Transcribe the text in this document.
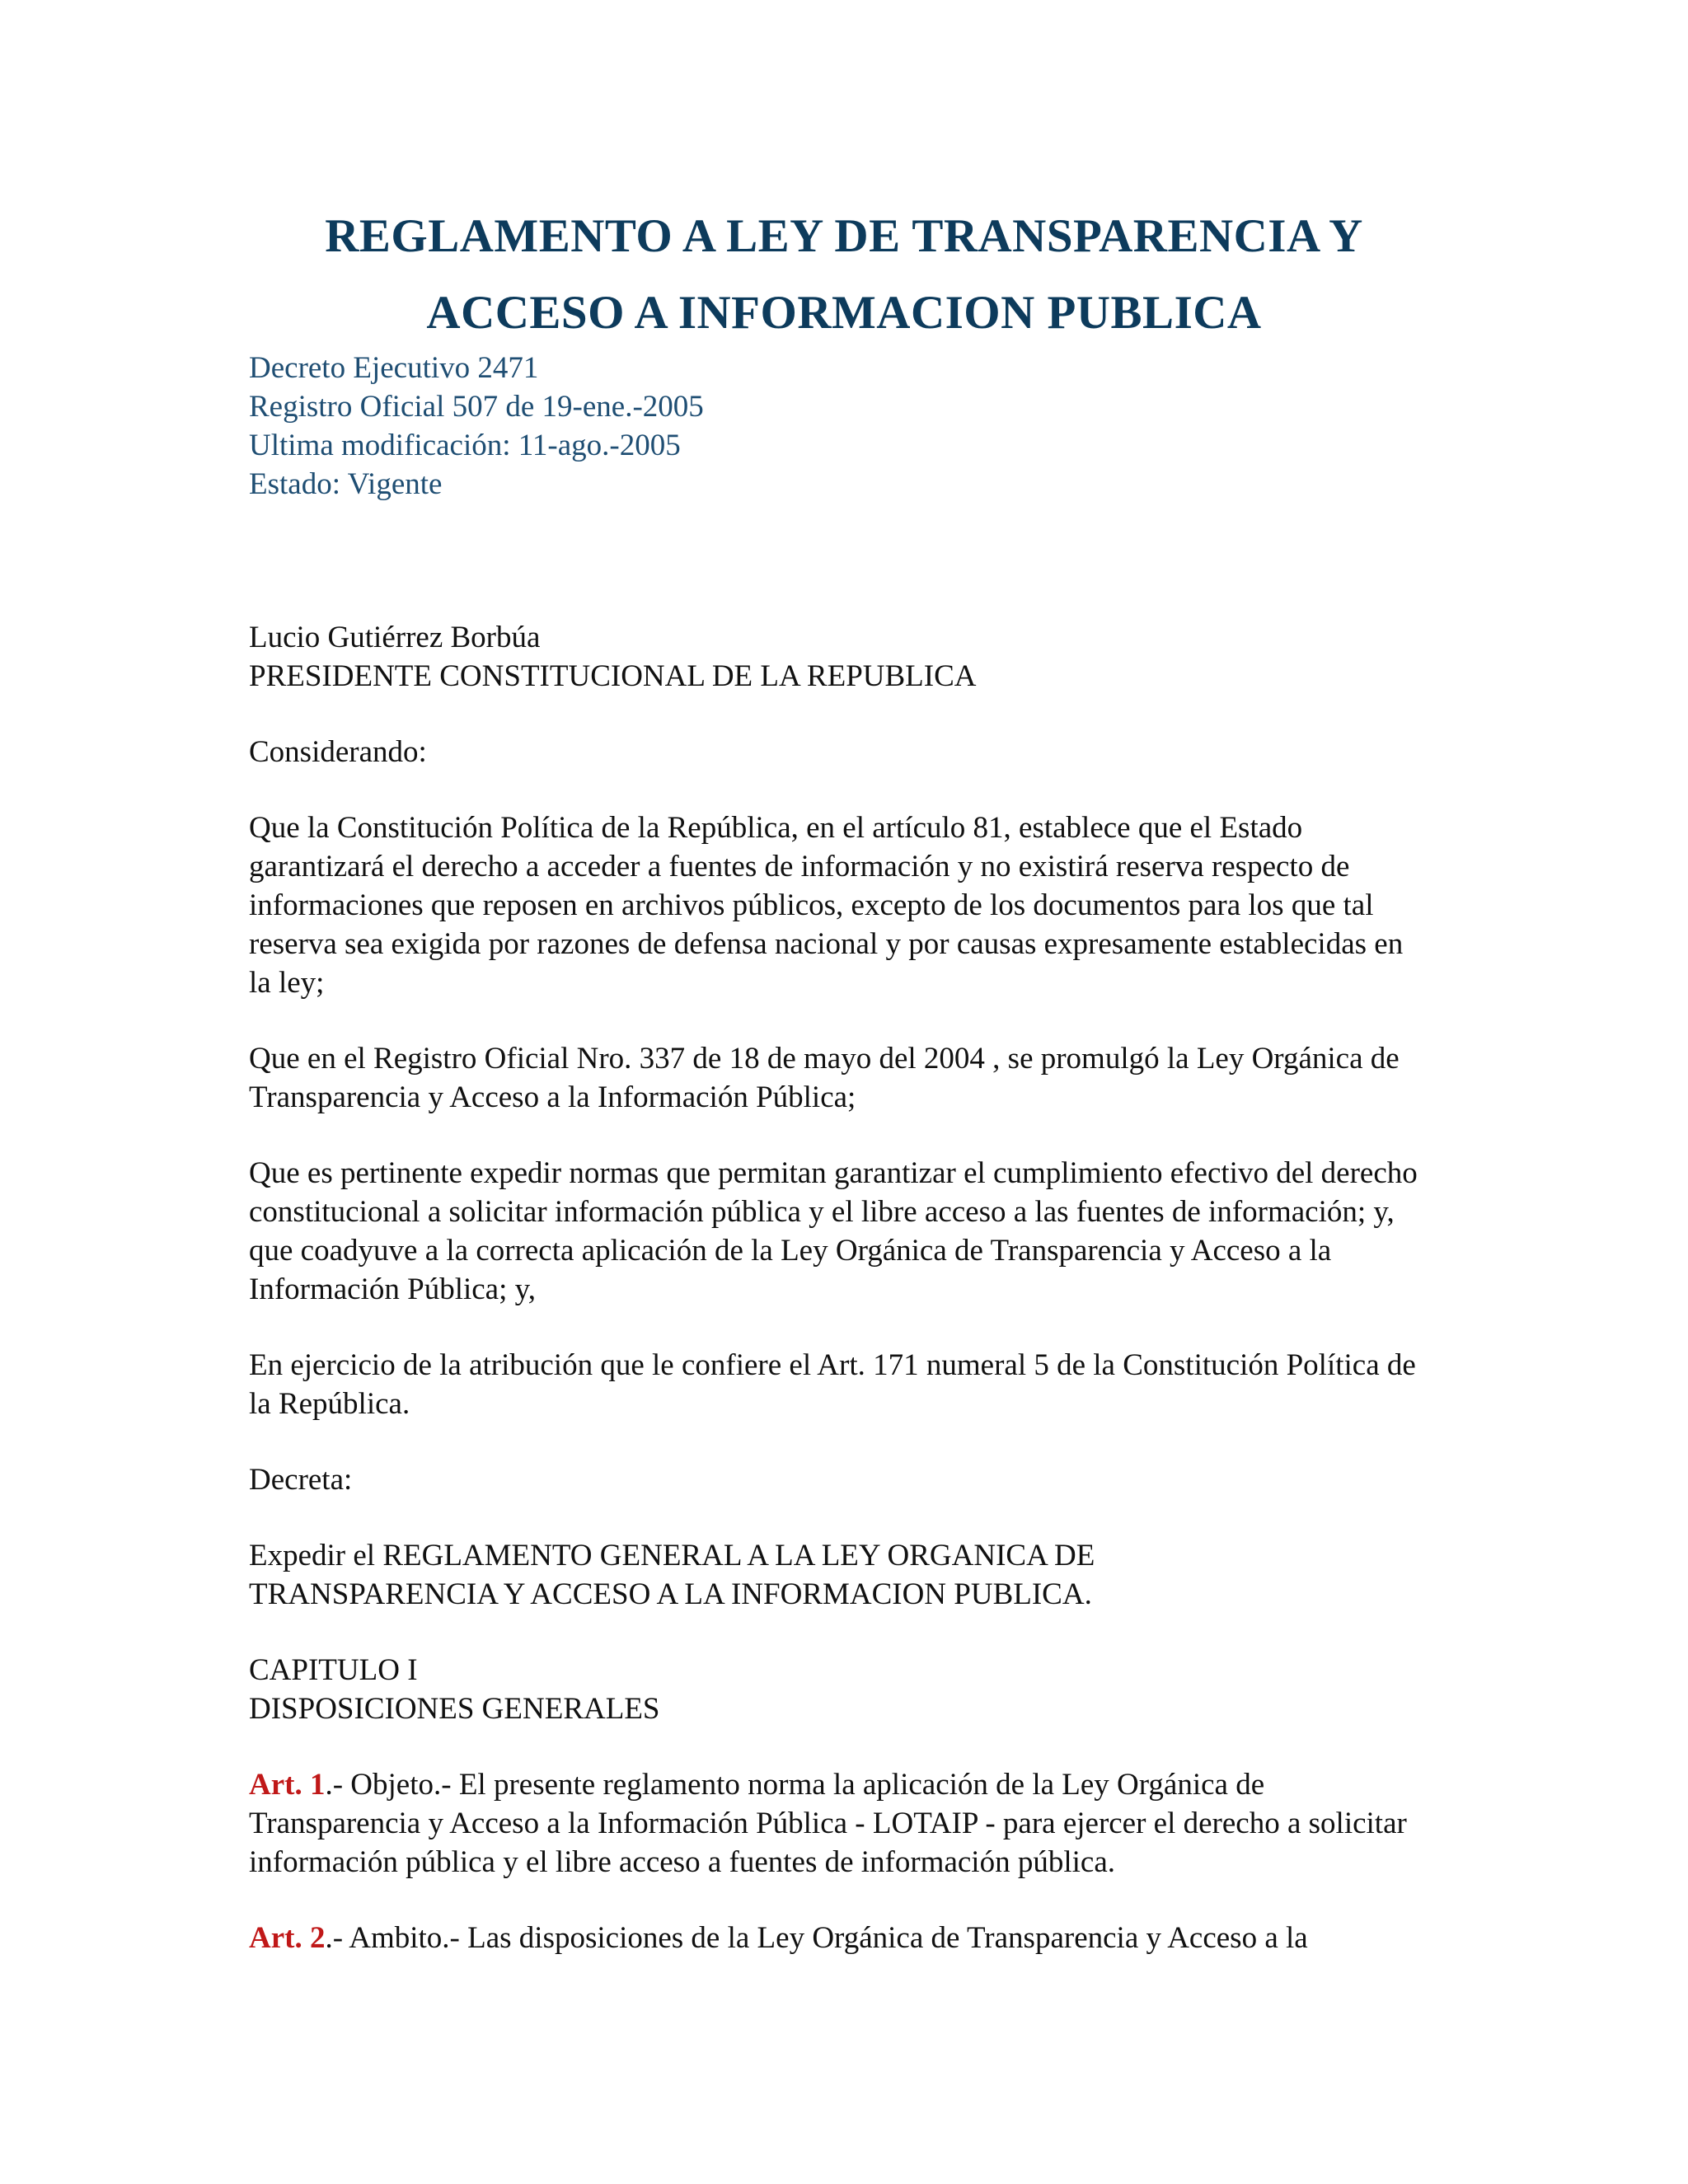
REGLAMENTO A LEY DE TRANSPARENCIA Y
ACCESO A INFORMACION PUBLICA
Decreto Ejecutivo 2471
Registro Oficial 507 de 19-ene.-2005
Ultima modificación: 11-ago.-2005
Estado: Vigente

Lucio Gutiérrez Borbúa
PRESIDENTE CONSTITUCIONAL DE LA REPUBLICA

Considerando:

Que la Constitución Política de la República, en el artículo 81, establece que el Estado garantizará el derecho a acceder a fuentes de información y no existirá reserva respecto de informaciones que reposen en archivos públicos, excepto de los documentos para los que tal reserva sea exigida por razones de defensa nacional y por causas expresamente establecidas en la ley;

Que en el Registro Oficial Nro. 337 de 18 de mayo del 2004 , se promulgó la Ley Orgánica de Transparencia y Acceso a la Información Pública;

Que es pertinente expedir normas que permitan garantizar el cumplimiento efectivo del derecho constitucional a solicitar información pública y el libre acceso a las fuentes de información; y, que coadyuve a la correcta aplicación de la Ley Orgánica de Transparencia y Acceso a la Información Pública; y,

En ejercicio de la atribución que le confiere el Art. 171 numeral 5 de la Constitución Política de la República.

Decreta:

Expedir el REGLAMENTO GENERAL A LA LEY ORGANICA DE
TRANSPARENCIA Y ACCESO A LA INFORMACION PUBLICA.

CAPITULO I
DISPOSICIONES GENERALES

Art. 1.- Objeto.- El presente reglamento norma la aplicación de la Ley Orgánica de Transparencia y Acceso a la Información Pública - LOTAIP - para ejercer el derecho a solicitar información pública y el libre acceso a fuentes de información pública.

Art. 2.- Ambito.- Las disposiciones de la Ley Orgánica de Transparencia y Acceso a la
